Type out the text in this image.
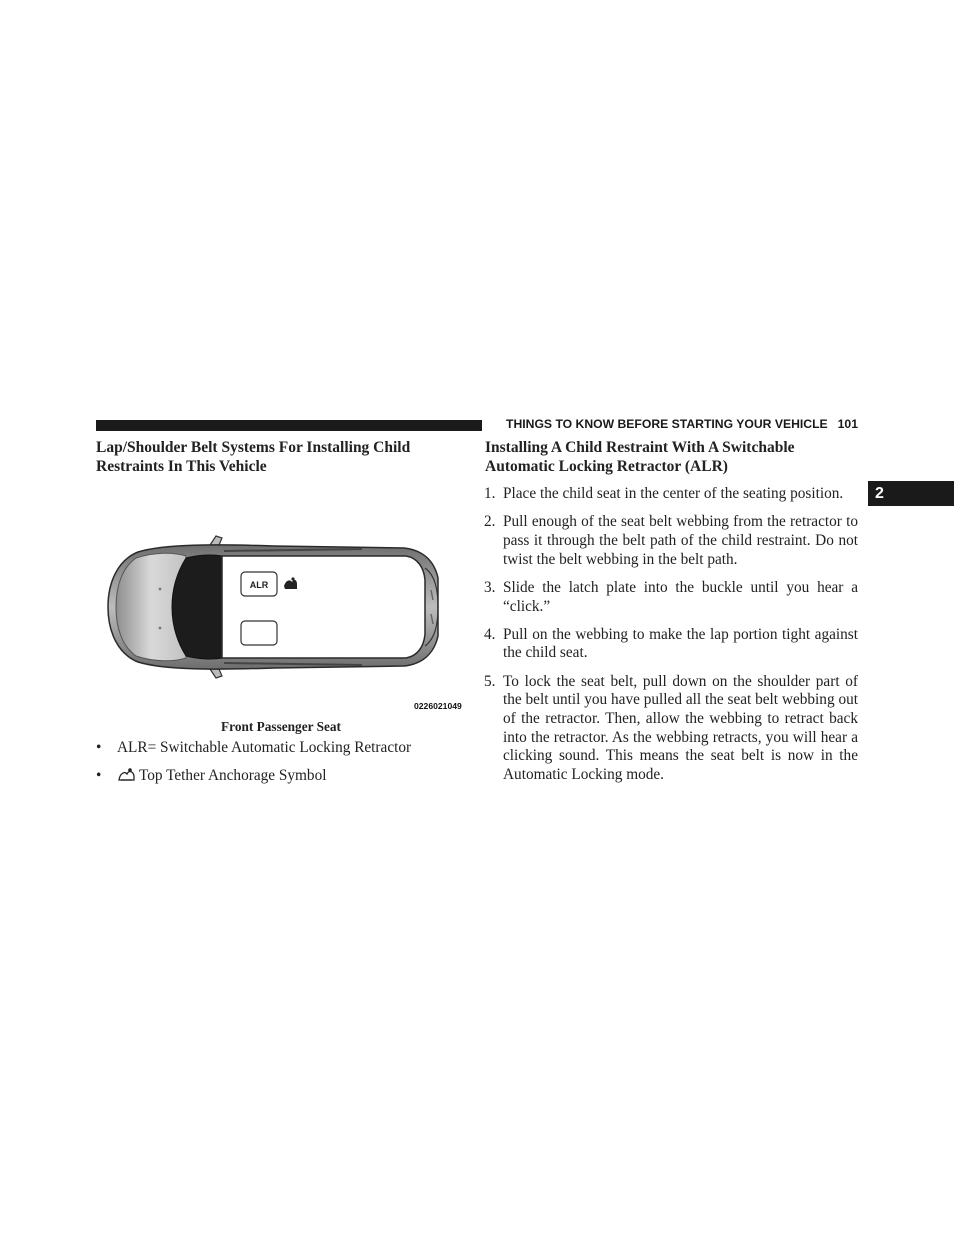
THINGS TO KNOW BEFORE STARTING YOUR VEHICLE 101
2
Lap/Shoulder Belt Systems For Installing Child Restraints In This Vehicle
Installing A Child Restraint With A Switchable Automatic Locking Retractor (ALR)
ALR
0226021049
Front Passenger Seat
• ALR= Switchable Automatic Locking Retractor
• Top Tether Anchorage Symbol
1. Place the child seat in the center of the seating position.
2. Pull enough of the seat belt webbing from the retractor to pass it through the belt path of the child restraint. Do not twist the belt webbing in the belt path.
3. Slide the latch plate into the buckle until you hear a “click.”
4. Pull on the webbing to make the lap portion tight against the child seat.
5. To lock the seat belt, pull down on the shoulder part of the belt until you have pulled all the seat belt webbing out of the retractor. Then, allow the webbing to retract back into the retractor. As the webbing retracts, you will hear a clicking sound. This means the seat belt is now in the Automatic Locking mode.
